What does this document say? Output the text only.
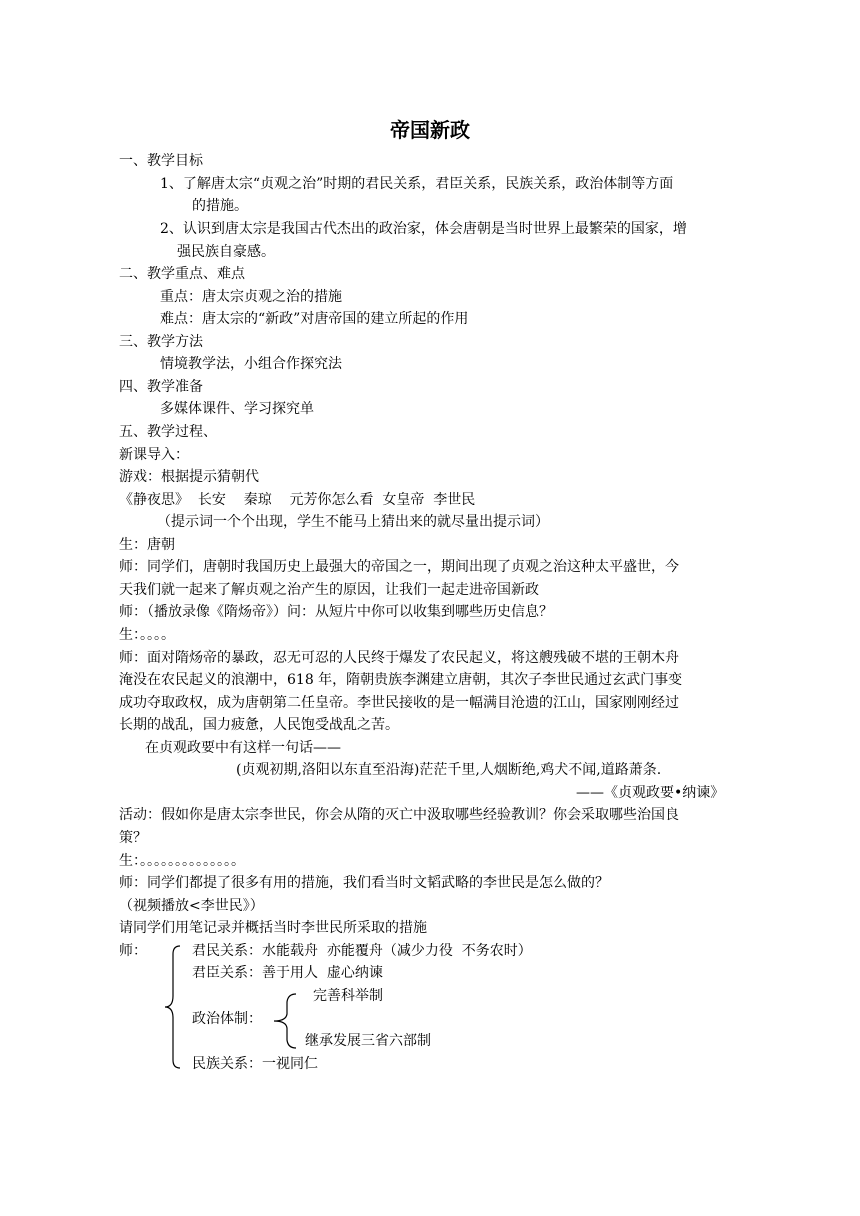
帝国新政
一、教学目标
1、了解唐太宗“贞观之治”时期的君民关系，君臣关系，民族关系，政治体制等方面
的措施。
2、认识到唐太宗是我国古代杰出的政治家，体会唐朝是当时世界上最繁荣的国家，增
强民族自豪感。
二、教学重点、难点
重点：唐太宗贞观之治的措施
难点：唐太宗的“新政”对唐帝国的建立所起的作用
三、教学方法
情境教学法，小组合作探究法
四、教学准备
多媒体课件、学习探究单
五、教学过程、
新课导入：
游戏：根据提示猜朝代
《静夜思》  长安    秦琼    元芳你怎么看  女皇帝  李世民
（提示词一个个出现，学生不能马上猜出来的就尽量出提示词）
生：唐朝
师：同学们，唐朝时我国历史上最强大的帝国之一，期间出现了贞观之治这种太平盛世，今
天我们就一起来了解贞观之治产生的原因，让我们一起走进帝国新政
师：（播放录像《隋炀帝》）问：从短片中你可以收集到哪些历史信息？
生：。。。。
师：面对隋炀帝的暴政，忍无可忍的人民终于爆发了农民起义，将这艘残破不堪的王朝木舟
淹没在农民起义的浪潮中，618 年，隋朝贵族李渊建立唐朝，其次子李世民通过玄武门事变
成功夺取政权，成为唐朝第二任皇帝。李世民接收的是一幅满目沧遗的江山，国家刚刚经过
长期的战乱，国力疲惫，人民饱受战乱之苦。
在贞观政要中有这样一句话——
(贞观初期,洛阳以东直至沿海)茫茫千里,人烟断绝,鸡犬不闻,道路萧条.
——《贞观政要•纳谏》
活动：假如你是唐太宗李世民，你会从隋的灭亡中汲取哪些经验教训？你会采取哪些治国良
策？
生：。。。。。。。。。。。。。。
师：同学们都提了很多有用的措施，我们看当时文韬武略的李世民是怎么做的？
（视频播放<李世民》）
请同学们用笔记录并概括当时李世民所采取的措施
师：	君民关系：水能载舟  亦能覆舟（减少力役  不务农时）
君臣关系：善于用人  虚心纳谏
政治体制：
完善科举制
继承发展三省六部制
民族关系：一视同仁
